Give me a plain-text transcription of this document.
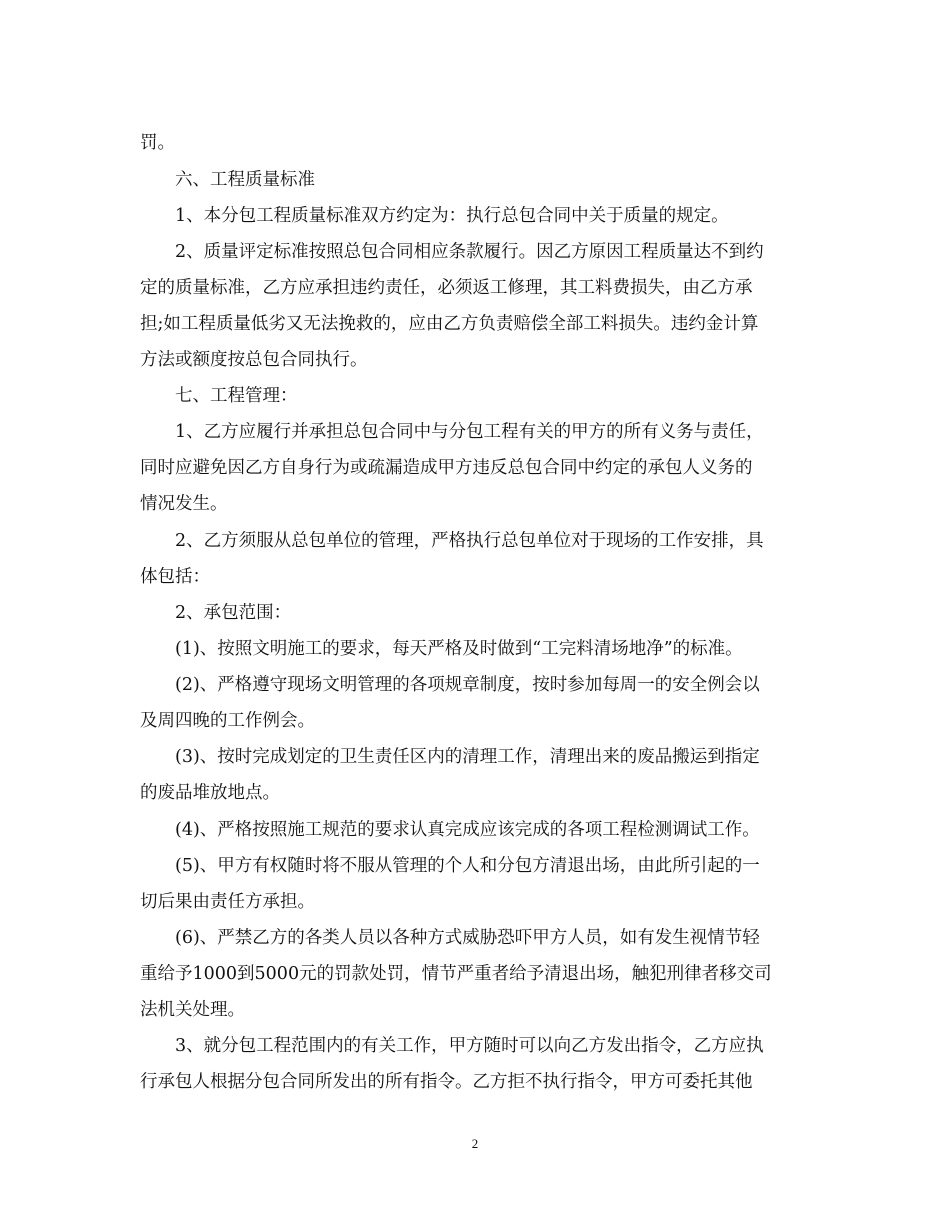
罚。
六、工程质量标准
1、本分包工程质量标准双方约定为：执行总包合同中关于质量的规定。
2、质量评定标准按照总包合同相应条款履行。因乙方原因工程质量达不到约
定的质量标准，乙方应承担违约责任，必须返工修理，其工料费损失，由乙方承
担;如工程质量低劣又无法挽救的，应由乙方负责赔偿全部工料损失。违约金计算
方法或额度按总包合同执行。
七、工程管理：
1、乙方应履行并承担总包合同中与分包工程有关的甲方的所有义务与责任，
同时应避免因乙方自身行为或疏漏造成甲方违反总包合同中约定的承包人义务的
情况发生。
2、乙方须服从总包单位的管理，严格执行总包单位对于现场的工作安排，具
体包括：
2、承包范围：
(1)、按照文明施工的要求，每天严格及时做到“工完料清场地净”的标准。
(2)、严格遵守现场文明管理的各项规章制度，按时参加每周一的安全例会以
及周四晚的工作例会。
(3)、按时完成划定的卫生责任区内的清理工作，清理出来的废品搬运到指定
的废品堆放地点。
(4)、严格按照施工规范的要求认真完成应该完成的各项工程检测调试工作。
(5)、甲方有权随时将不服从管理的个人和分包方清退出场，由此所引起的一
切后果由责任方承担。
(6)、严禁乙方的各类人员以各种方式威胁恐吓甲方人员，如有发生视情节轻
重给予1000到5000元的罚款处罚，情节严重者给予清退出场，触犯刑律者移交司
法机关处理。
3、就分包工程范围内的有关工作，甲方随时可以向乙方发出指令，乙方应执
行承包人根据分包合同所发出的所有指令。乙方拒不执行指令，甲方可委托其他
2
